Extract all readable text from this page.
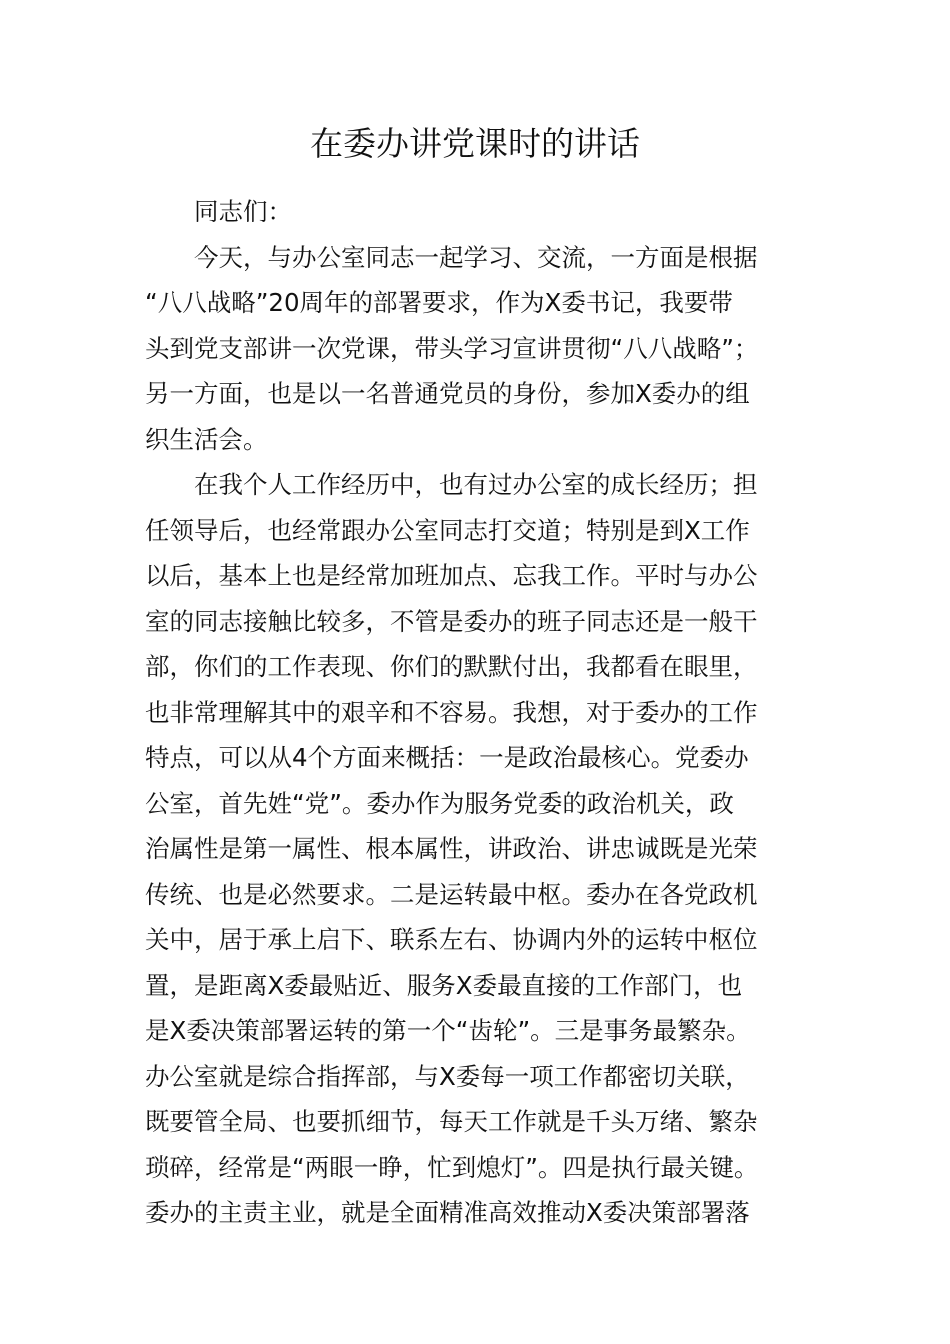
在委办讲党课时的讲话
同志们：
今天，与办公室同志一起学习、交流，一方面是根据
“八八战略”20周年的部署要求，作为X委书记，我要带
头到党支部讲一次党课，带头学习宣讲贯彻“八八战略”；
另一方面，也是以一名普通党员的身份，参加X委办的组
织生活会。
在我个人工作经历中，也有过办公室的成长经历；担
任领导后，也经常跟办公室同志打交道；特别是到X工作
以后，基本上也是经常加班加点、忘我工作。平时与办公
室的同志接触比较多，不管是委办的班子同志还是一般干
部，你们的工作表现、你们的默默付出，我都看在眼里，
也非常理解其中的艰辛和不容易。我想，对于委办的工作
特点，可以从4个方面来概括：一是政治最核心。党委办
公室，首先姓“党”。委办作为服务党委的政治机关，政
治属性是第一属性、根本属性，讲政治、讲忠诚既是光荣
传统、也是必然要求。二是运转最中枢。委办在各党政机
关中，居于承上启下、联系左右、协调内外的运转中枢位
置，是距离X委最贴近、服务X委最直接的工作部门，也
是X委决策部署运转的第一个“齿轮”。三是事务最繁杂。
办公室就是综合指挥部，与X委每一项工作都密切关联，
既要管全局、也要抓细节，每天工作就是千头万绪、繁杂
琐碎，经常是“两眼一睁，忙到熄灯”。四是执行最关键。
委办的主责主业，就是全面精准高效推动X委决策部署落
